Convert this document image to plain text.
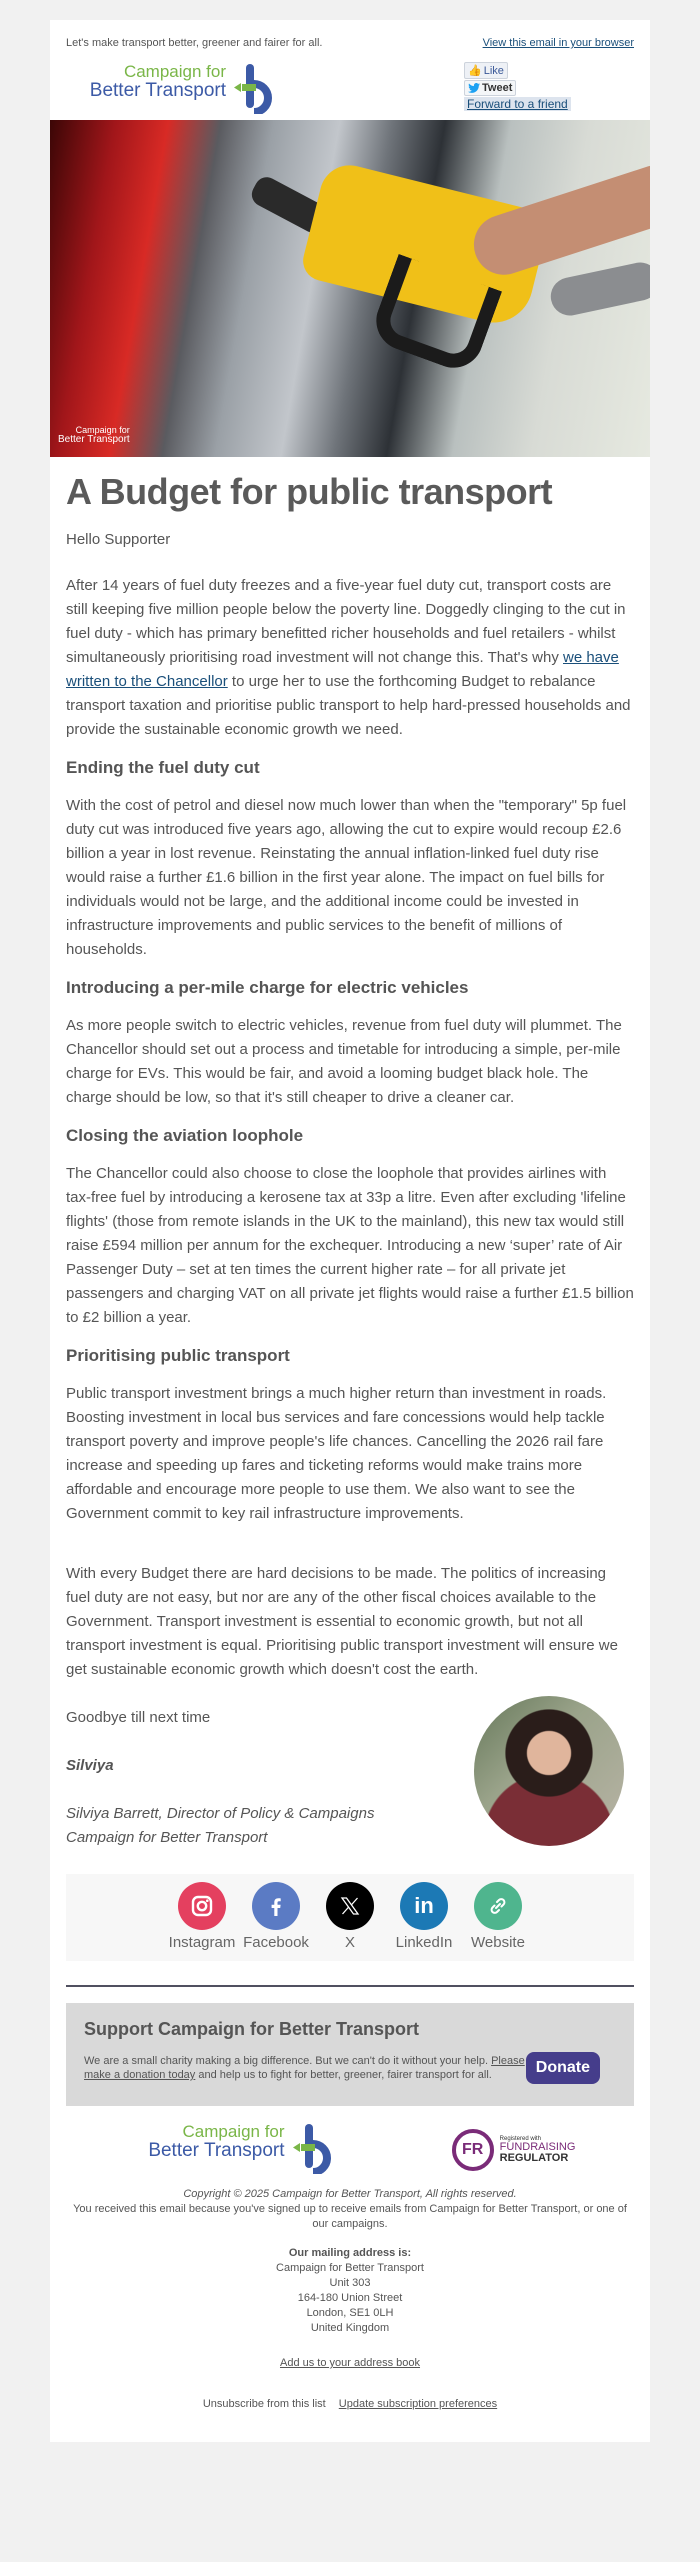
Let's make transport better, greener and fairer for all.	View this email in your browser
Campaign for
Better Transport
👍 Like
Tweet
Forward to a friend
Campaign for
Better Transport
A Budget for public transport

Hello Supporter

After 14 years of fuel duty freezes and a five-year fuel duty cut, transport costs are still keeping five million people below the poverty line. Doggedly clinging to the cut in fuel duty - which has primary benefitted richer households and fuel retailers - whilst simultaneously prioritising road investment will not change this. That's why we have written to the Chancellor to urge her to use the forthcoming Budget to rebalance transport taxation and prioritise public transport to help hard-pressed households and provide the sustainable economic growth we need.

Ending the fuel duty cut

With the cost of petrol and diesel now much lower than when the "temporary" 5p fuel duty cut was introduced five years ago, allowing the cut to expire would recoup £2.6 billion a year in lost revenue. Reinstating the annual inflation-linked fuel duty rise would raise a further £1.6 billion in the first year alone. The impact on fuel bills for individuals would not be large, and the additional income could be invested in infrastructure improvements and public services to the benefit of millions of households.

Introducing a per-mile charge for electric vehicles

As more people switch to electric vehicles, revenue from fuel duty will plummet. The Chancellor should set out a process and timetable for introducing a simple, per-mile charge for EVs. This would be fair, and avoid a looming budget black hole. The charge should be low, so that it's still cheaper to drive a cleaner car.

Closing the aviation loophole

The Chancellor could also choose to close the loophole that provides airlines with tax-free fuel by introducing a kerosene tax at 33p a litre. Even after excluding 'lifeline flights' (those from remote islands in the UK to the mainland), this new tax would still raise £594 million per annum for the exchequer. Introducing a new ‘super’ rate of Air Passenger Duty – set at ten times the current higher rate – for all private jet passengers and charging VAT on all private jet flights would raise a further £1.5 billion to £2 billion a year.

Prioritising public transport

Public transport investment brings a much higher return than investment in roads. Boosting investment in local bus services and fare concessions would help tackle transport poverty and improve people's life chances. Cancelling the 2026 rail fare increase and speeding up fares and ticketing reforms would make trains more affordable and encourage more people to use them. We also want to see the Government commit to key rail infrastructure improvements.

With every Budget there are hard decisions to be made. The politics of increasing fuel duty are not easy, but nor are any of the other fiscal choices available to the Government. Transport investment is essential to economic growth, but not all transport investment is equal. Prioritising public transport investment will ensure we get sustainable economic growth which doesn't cost the earth.

Goodbye till next time

Silviya

Silviya Barrett, Director of Policy & Campaigns

Campaign for Better Transport

Instagram Facebook X
in
LinkedIn Website
Support Campaign for Better Transport
We are a small charity making a big difference. But we can't do it without your help. Please make a donation today and help us to fight for better, greener, fairer transport for all.	Donate
Campaign for
Better Transport	FR
Registered with
FUNDRAISING
REGULATOR
Copyright © 2025 Campaign for Better Transport, All rights reserved.
You received this email because you've signed up to receive emails from Campaign for Better Transport, or one of our campaigns.
Our mailing address is:
Campaign for Better Transport
Unit 303
164-180 Union Street
London, SE1 0LH
United Kingdom
Add us to your address book
Unsubscribe from this list Update subscription preferences
